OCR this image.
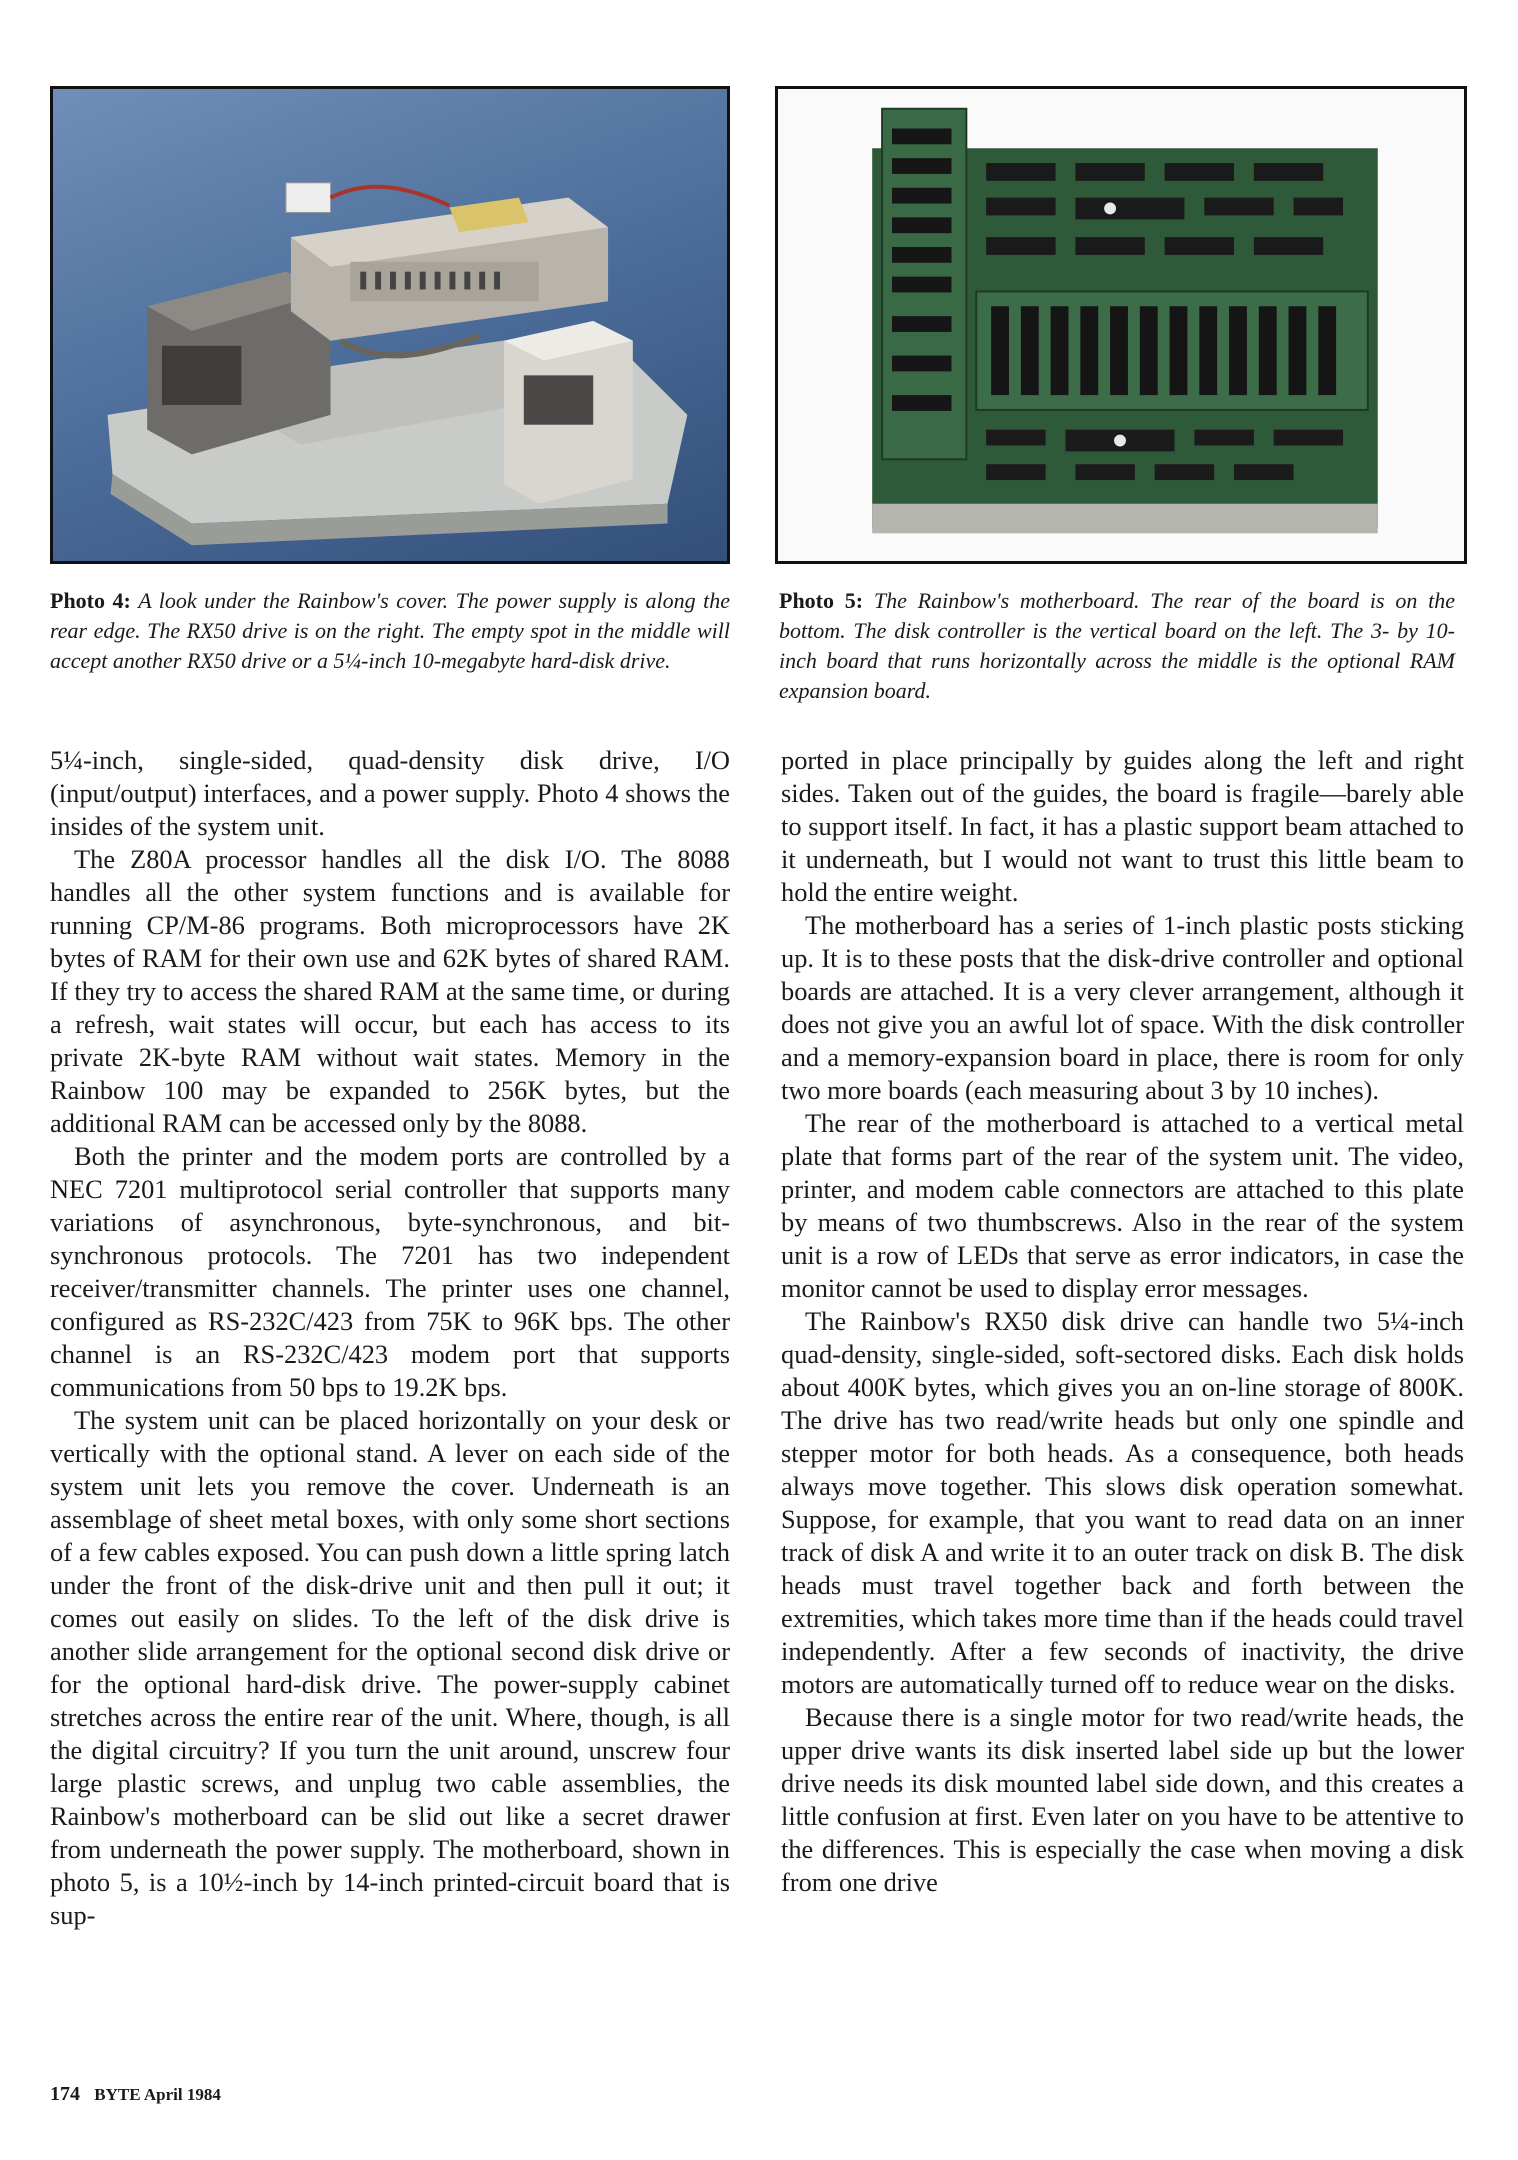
Photo 4: A look under the Rainbow's cover. The power supply is along the rear edge. The RX50 drive is on the right. The empty spot in the middle will accept another RX50 drive or a 5¼-inch 10-megabyte hard-disk drive.
Photo 5: The Rainbow's motherboard. The rear of the board is on the bottom. The disk controller is the vertical board on the left. The 3- by 10-inch board that runs horizontally across the middle is the optional RAM expansion board.

5¼-inch, single-sided, quad-density disk drive, I/O (input/output) interfaces, and a power supply. Photo 4 shows the insides of the system unit.

The Z80A processor handles all the disk I/O. The 8088 handles all the other system functions and is available for running CP/M-86 programs. Both microprocessors have 2K bytes of RAM for their own use and 62K bytes of shared RAM. If they try to access the shared RAM at the same time, or during a refresh, wait states will occur, but each has access to its private 2K-byte RAM without wait states. Memory in the Rainbow 100 may be expanded to 256K bytes, but the additional RAM can be accessed only by the 8088.

Both the printer and the modem ports are controlled by a NEC 7201 multiprotocol serial controller that supports many variations of asynchronous, byte-synchronous, and bit-synchronous protocols. The 7201 has two independent receiver/transmitter channels. The printer uses one channel, configured as RS-232C/423 from 75K to 96K bps. The other channel is an RS-232C/423 modem port that supports communications from 50 bps to 19.2K bps.

The system unit can be placed horizontally on your desk or vertically with the optional stand. A lever on each side of the system unit lets you remove the cover. Underneath is an assemblage of sheet metal boxes, with only some short sections of a few cables exposed. You can push down a little spring latch under the front of the disk-drive unit and then pull it out; it comes out easily on slides. To the left of the disk drive is another slide arrangement for the optional second disk drive or for the optional hard-disk drive. The power-supply cabinet stretches across the entire rear of the unit. Where, though, is all the digital circuitry? If you turn the unit around, unscrew four large plastic screws, and unplug two cable assemblies, the Rainbow's motherboard can be slid out like a secret drawer from underneath the power supply. The motherboard, shown in photo 5, is a 10½-inch by 14-inch printed-circuit board that is sup-

ported in place principally by guides along the left and right sides. Taken out of the guides, the board is fragile—barely able to support itself. In fact, it has a plastic support beam attached to it underneath, but I would not want to trust this little beam to hold the entire weight.

The motherboard has a series of 1-inch plastic posts sticking up. It is to these posts that the disk-drive controller and optional boards are attached. It is a very clever arrangement, although it does not give you an awful lot of space. With the disk controller and a memory-expansion board in place, there is room for only two more boards (each measuring about 3 by 10 inches).

The rear of the motherboard is attached to a vertical metal plate that forms part of the rear of the system unit. The video, printer, and modem cable connectors are attached to this plate by means of two thumbscrews. Also in the rear of the system unit is a row of LEDs that serve as error indicators, in case the monitor cannot be used to display error messages.

The Rainbow's RX50 disk drive can handle two 5¼-inch quad-density, single-sided, soft-sectored disks. Each disk holds about 400K bytes, which gives you an on-line storage of 800K. The drive has two read/write heads but only one spindle and stepper motor for both heads. As a consequence, both heads always move together. This slows disk operation somewhat. Suppose, for example, that you want to read data on an inner track of disk A and write it to an outer track on disk B. The disk heads must travel together back and forth between the extremities, which takes more time than if the heads could travel independently. After a few seconds of inactivity, the drive motors are automatically turned off to reduce wear on the disks.

Because there is a single motor for two read/write heads, the upper drive wants its disk inserted label side up but the lower drive needs its disk mounted label side down, and this creates a little confusion at first. Even later on you have to be attentive to the differences. This is especially the case when moving a disk from one drive

174 BYTE April 1984
